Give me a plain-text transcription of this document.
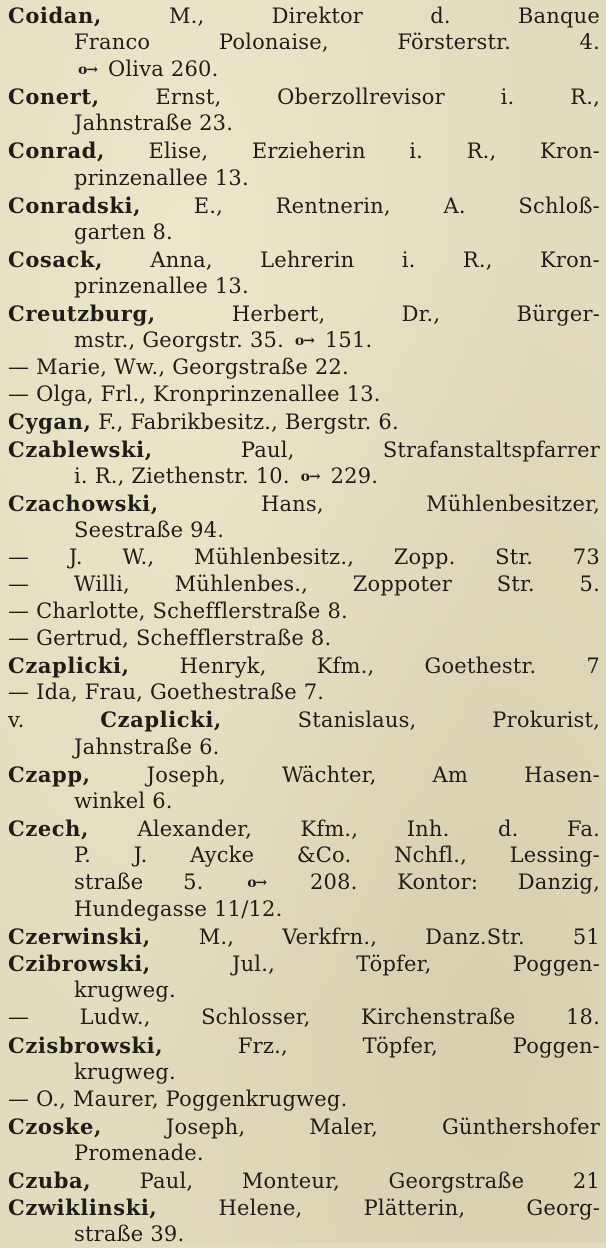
Coidan,	M.,	Direktor	d.	Banque
Franco	Polonaise,	Försterstr.	4.
o→
Oliva
260.
Conert,	Ernst,	Oberzollrevisor	i.	R.,
Jahnstraße
23.
Conrad, Elise, Erzieherin i. R., Kron-
prinzenallee
13.
Conradski,	E.,	Rentnerin,	A.	Schloß-
garten
8.
Cosack, Anna, Lehrerin i. R., Kron-
prinzenallee
13.
Creutzburg,	Herbert,	Dr.,	Bürger-
mstr.,
Georgstr.
35.
o→
151.
—
Marie,
Ww.,
Georgstraße
22.
—
Olga,
Frl.,
Kronprinzenallee
13.
Cygan,
F.,
Fabrikbesitz.,
Bergstr.
6.
Czablewski,	Paul,	Strafanstaltspfarrer
i.
R.,
Ziethenstr.
10.
o→
229.
Czachowski,	Hans,	Mühlenbesitzer,
Seestraße
94.
— J. W., Mühlenbesitz., Zopp. Str. 73
— Willi, Mühlenbes., Zoppoter Str. 5.
—
Charlotte,
Schefflerstraße
8.
—
Gertrud,
Schefflerstraße
8.
Czaplicki, Henryk, Kfm., Goethestr. 7
—
Ida,
Frau,
Goethestraße
7.
v.	Czaplicki,	Stanislaus,	Prokurist,
Jahnstraße
6.
Czapp,	Joseph,	Wächter,	Am	Hasen-
winkel
6.
Czech, Alexander, Kfm., Inh. d. Fa.
P. J. Aycke &Co. Nchfl., Lessing-
straße 5.	o→ 208. Kontor: Danzig,
Hundegasse
11/12.
Czerwinski, M., Verkfrn., Danz.Str. 51
Czibrowski,	Jul.,	Töpfer,	Poggen-
krugweg.
— Ludw., Schlosser, Kirchenstraße 18.
Czisbrowski,	Frz.,	Töpfer,	Poggen-
krugweg.
—
O.,
Maurer,
Poggenkrugweg.
Czoske,	Joseph,	Maler,	Günthershofer
Promenade.
Czuba, Paul, Monteur, Georgstraße 21
Czwiklinski,	Helene,	Plätterin,	Georg-
straße
39.
